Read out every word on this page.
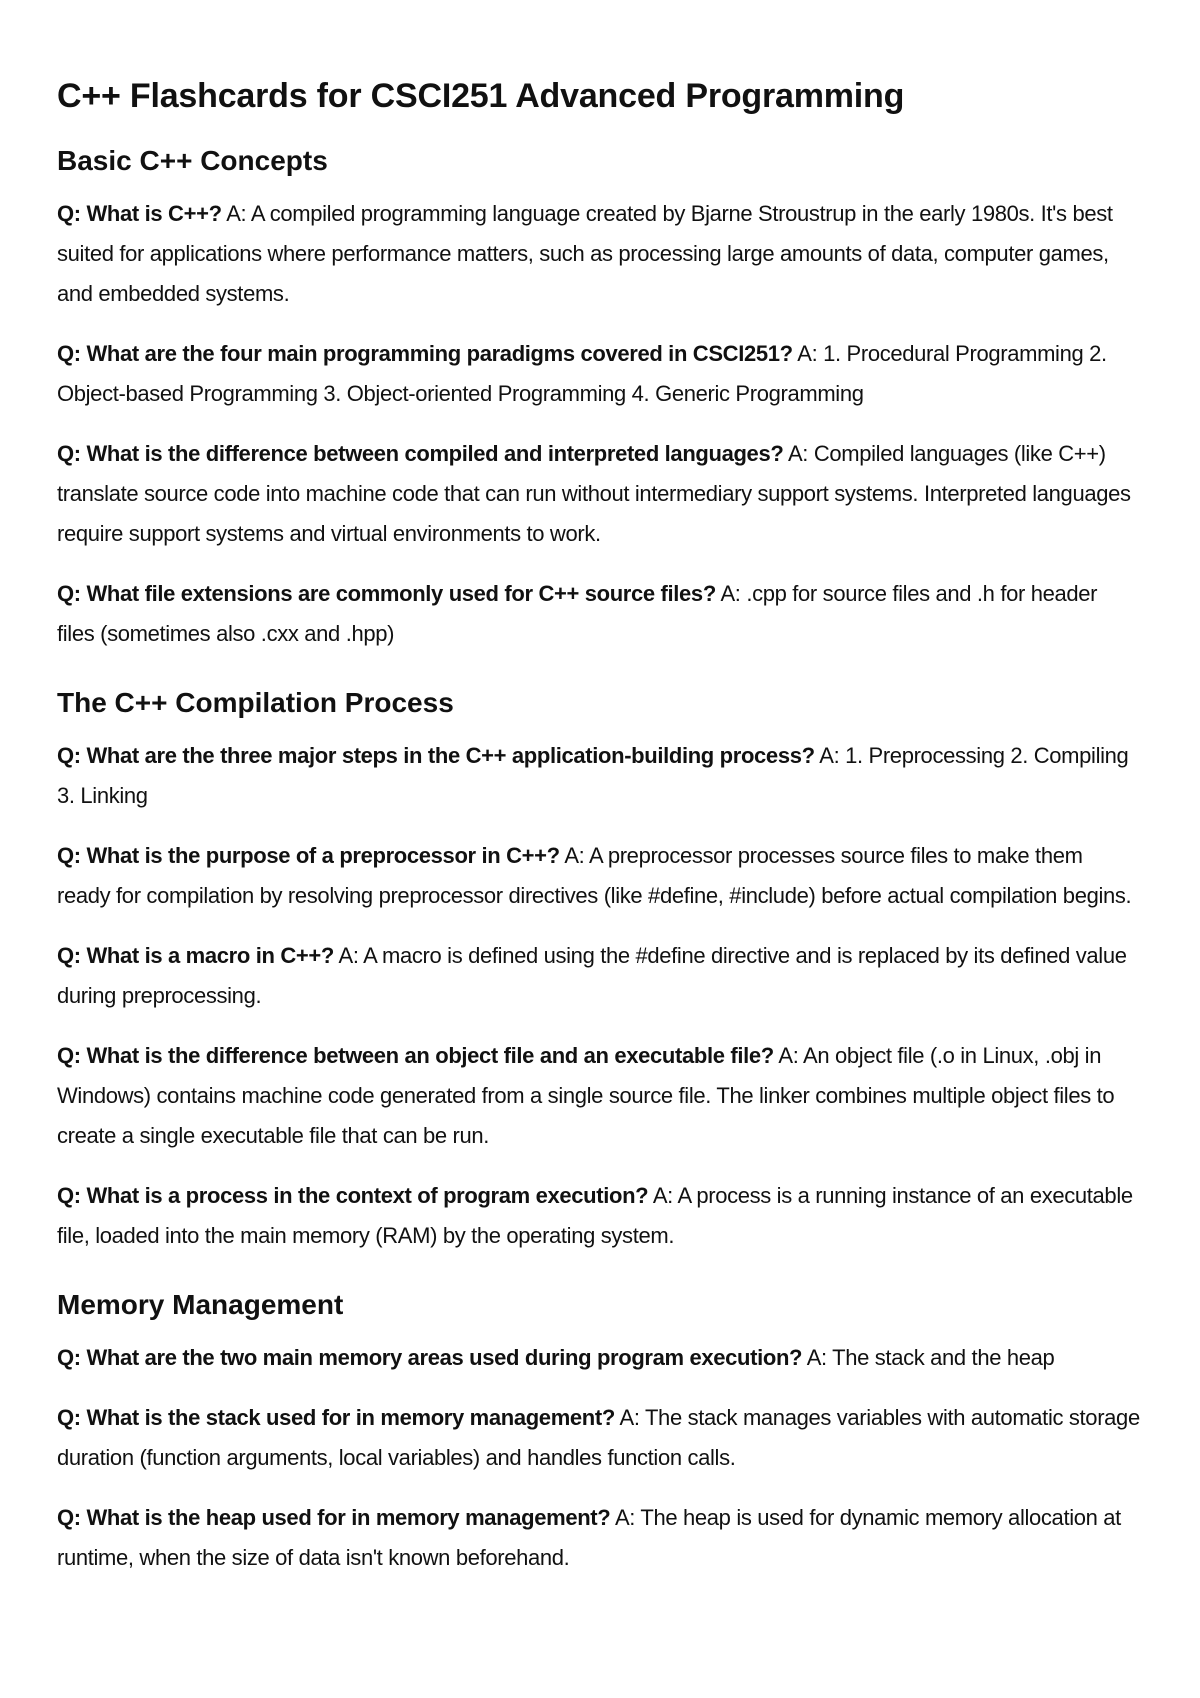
C++ Flashcards for CSCI251 Advanced Programming
Basic C++ Concepts

Q: What is C++? A: A compiled programming language created by Bjarne Stroustrup in the early 1980s. It's best suited for applications where performance matters, such as processing large amounts of data, computer games, and embedded systems.

Q: What are the four main programming paradigms covered in CSCI251? A: 1. Procedural Programming 2. Object-based Programming 3. Object-oriented Programming 4. Generic Programming

Q: What is the difference between compiled and interpreted languages? A: Compiled languages (like C++) translate source code into machine code that can run without intermediary support systems. Interpreted languages require support systems and virtual environments to work.

Q: What file extensions are commonly used for C++ source files? A: .cpp for source files and .h for header files (sometimes also .cxx and .hpp)

The C++ Compilation Process

Q: What are the three major steps in the C++ application-building process? A: 1. Preprocessing 2. Compiling 3. Linking

Q: What is the purpose of a preprocessor in C++? A: A preprocessor processes source files to make them ready for compilation by resolving preprocessor directives (like #define, #include) before actual compilation begins.

Q: What is a macro in C++? A: A macro is defined using the #define directive and is replaced by its defined value during preprocessing.

Q: What is the difference between an object file and an executable file? A: An object file (.o in Linux, .obj in Windows) contains machine code generated from a single source file. The linker combines multiple object files to create a single executable file that can be run.

Q: What is a process in the context of program execution? A: A process is a running instance of an executable file, loaded into the main memory (RAM) by the operating system.

Memory Management

Q: What are the two main memory areas used during program execution? A: The stack and the heap

Q: What is the stack used for in memory management? A: The stack manages variables with automatic storage duration (function arguments, local variables) and handles function calls.

Q: What is the heap used for in memory management? A: The heap is used for dynamic memory allocation at runtime, when the size of data isn't known beforehand.
